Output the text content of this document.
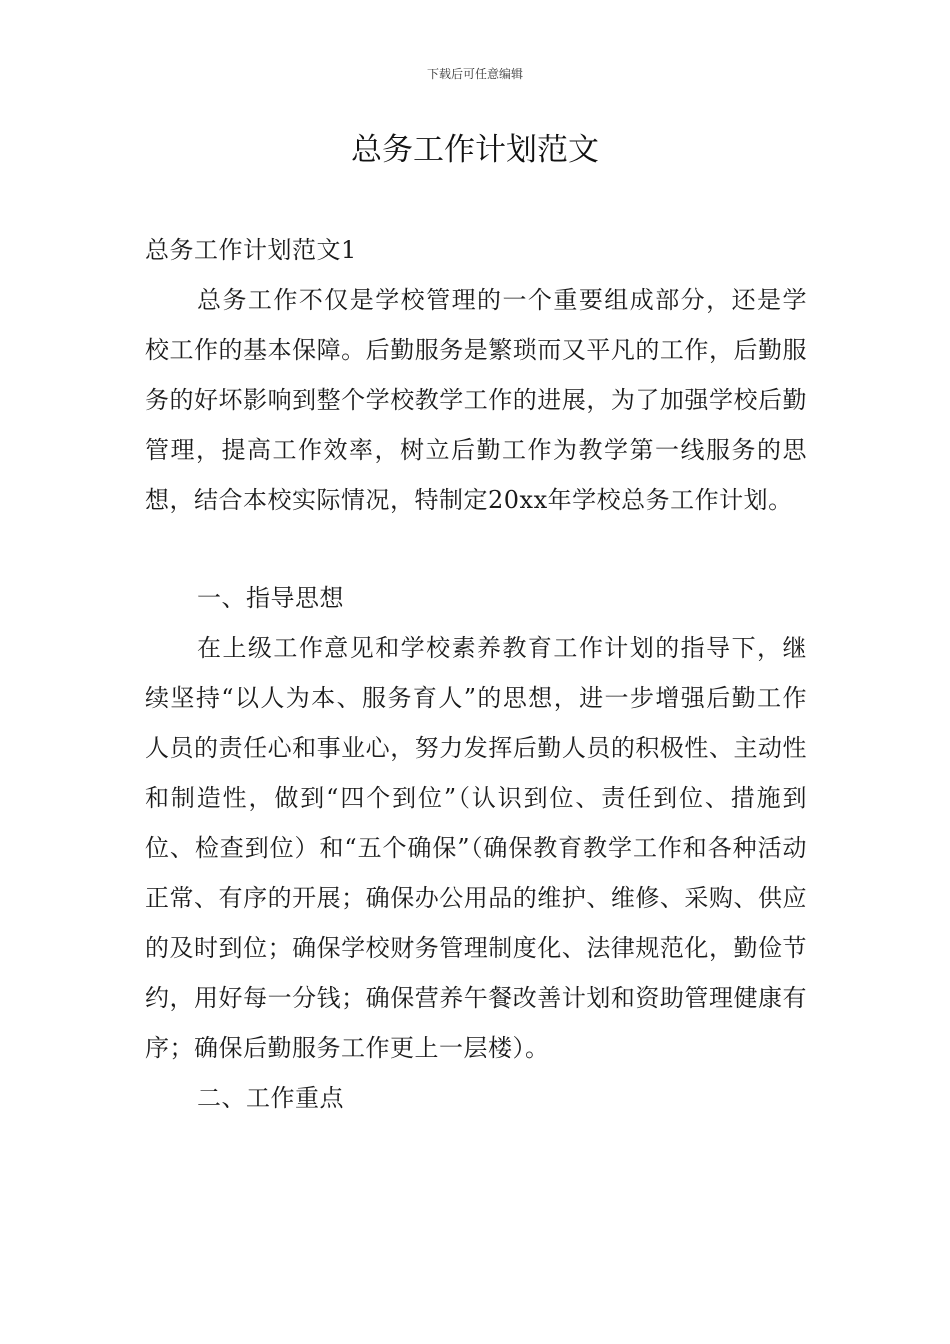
下载后可任意编辑
总务工作计划范文

总务工作计划范文1

总务工作不仅是学校管理的一个重要组成部分，还是学校工作的基本保障。后勤服务是繁琐而又平凡的工作，后勤服务的好坏影响到整个学校教学工作的进展，为了加强学校后勤管理，提高工作效率，树立后勤工作为教学第一线服务的思想，结合本校实际情况，特制定20xx年学校总务工作计划。

一、指导思想

在上级工作意见和学校素养教育工作计划的指导下，继续坚持“以人为本、服务育人”的思想，进一步增强后勤工作人员的责任心和事业心，努力发挥后勤人员的积极性、主动性和制造性，做到“四个到位”（认识到位、责任到位、措施到位、检查到位）和“五个确保”（确保教育教学工作和各种活动正常、有序的开展；确保办公用品的维护、维修、采购、供应的及时到位；确保学校财务管理制度化、法律规范化，勤俭节约，用好每一分钱；确保营养午餐改善计划和资助管理健康有序；确保后勤服务工作更上一层楼）。

二、工作重点
